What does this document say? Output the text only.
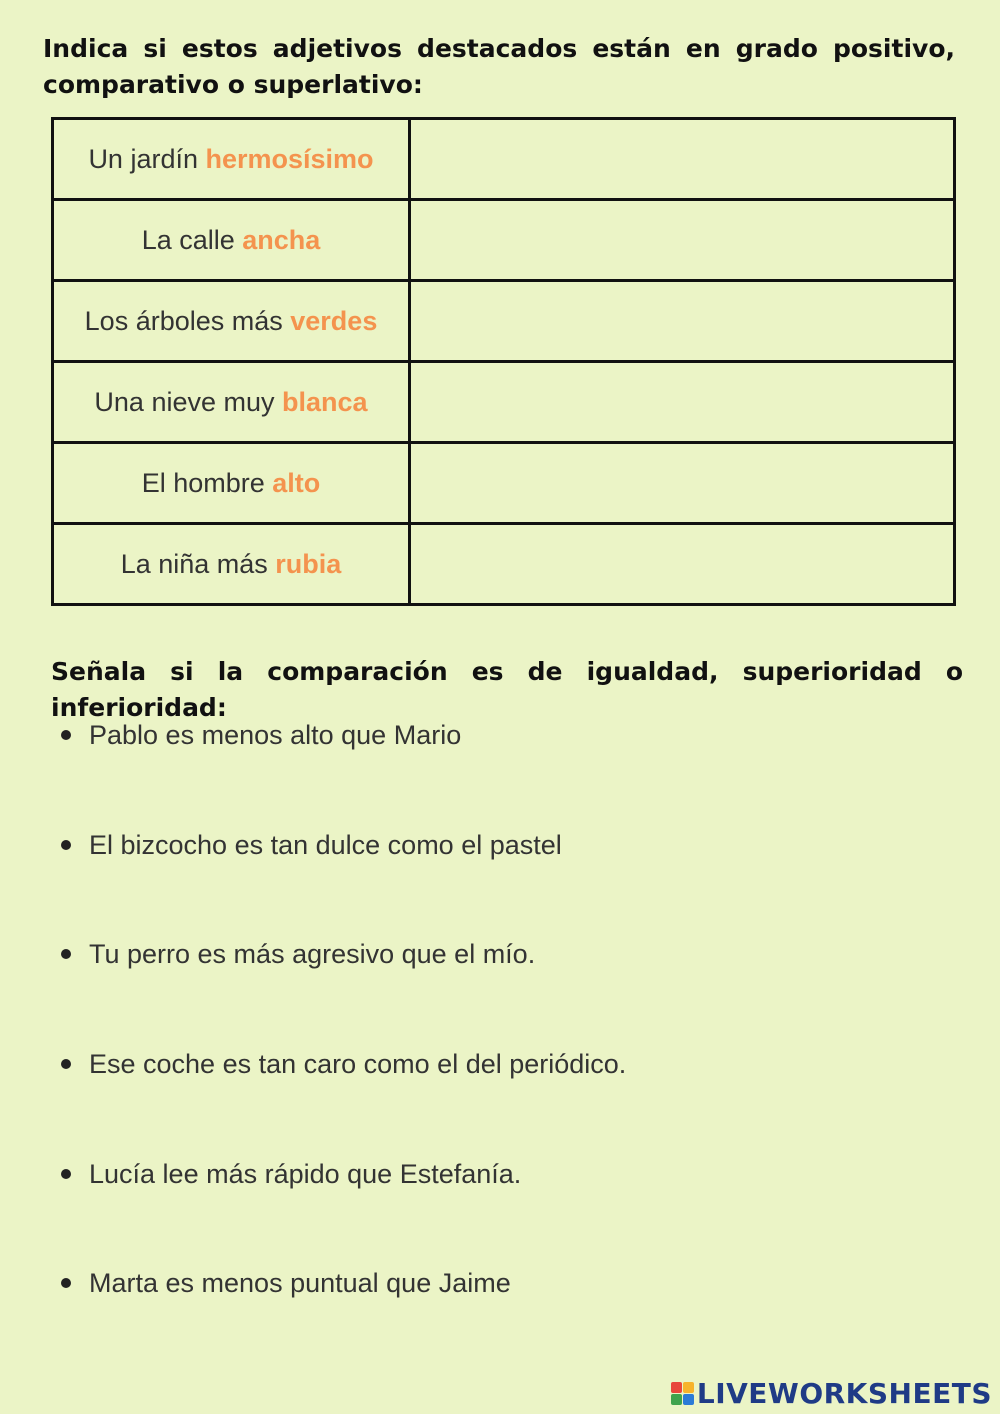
Indica si estos adjetivos destacados están en grado positivo, comparativo o superlativo:
Un jardín hermosísimo	
La calle ancha	
Los árboles más verdes	
Una nieve muy blanca	
El hombre alto	
La niña más rubia	
Señala si la comparación es de igualdad, superioridad o inferioridad:
Pablo es menos alto que Mario
El bizcocho es tan dulce como el pastel
Tu perro es más agresivo que el mío.
Ese coche es tan caro como el del periódico.
Lucía lee más rápido que Estefanía.
Marta es menos puntual que Jaime
LIVEWORKSHEETS
